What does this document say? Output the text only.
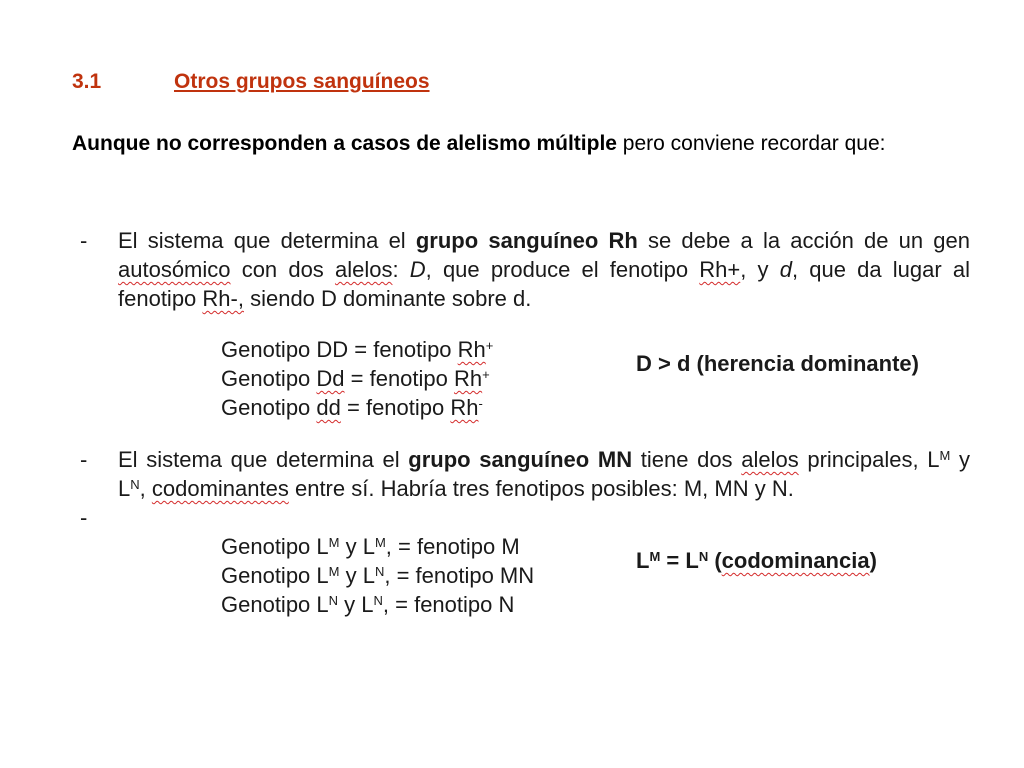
3.1	Otros grupos sanguíneos
Aunque no corresponden a casos de alelismo múltiple pero conviene recordar que:
- El sistema que determina el grupo sanguíneo Rh se debe a la acción de un gen autosómico con dos alelos: D, que produce el fenotipo Rh+, y d, que da lugar al fenotipo Rh-, siendo D dominante sobre d.
Genotipo DD = fenotipo Rh+
Genotipo Dd = fenotipo Rh+
Genotipo dd = fenotipo Rh-
D > d (herencia dominante)
- El sistema que determina el grupo sanguíneo MN tiene dos alelos principales, $L^M$ y $L^N$, codominantes entre sí. Habría tres fenotipos posibles: M, MN y N.
-
Genotipo $L^M$ y $L^M$, = fenotipo M
Genotipo $L^M$ y $L^N$, = fenotipo MN
Genotipo $L^N$ y $L^N$, = fenotipo N
$L^M = L^N$ (codominancia)
